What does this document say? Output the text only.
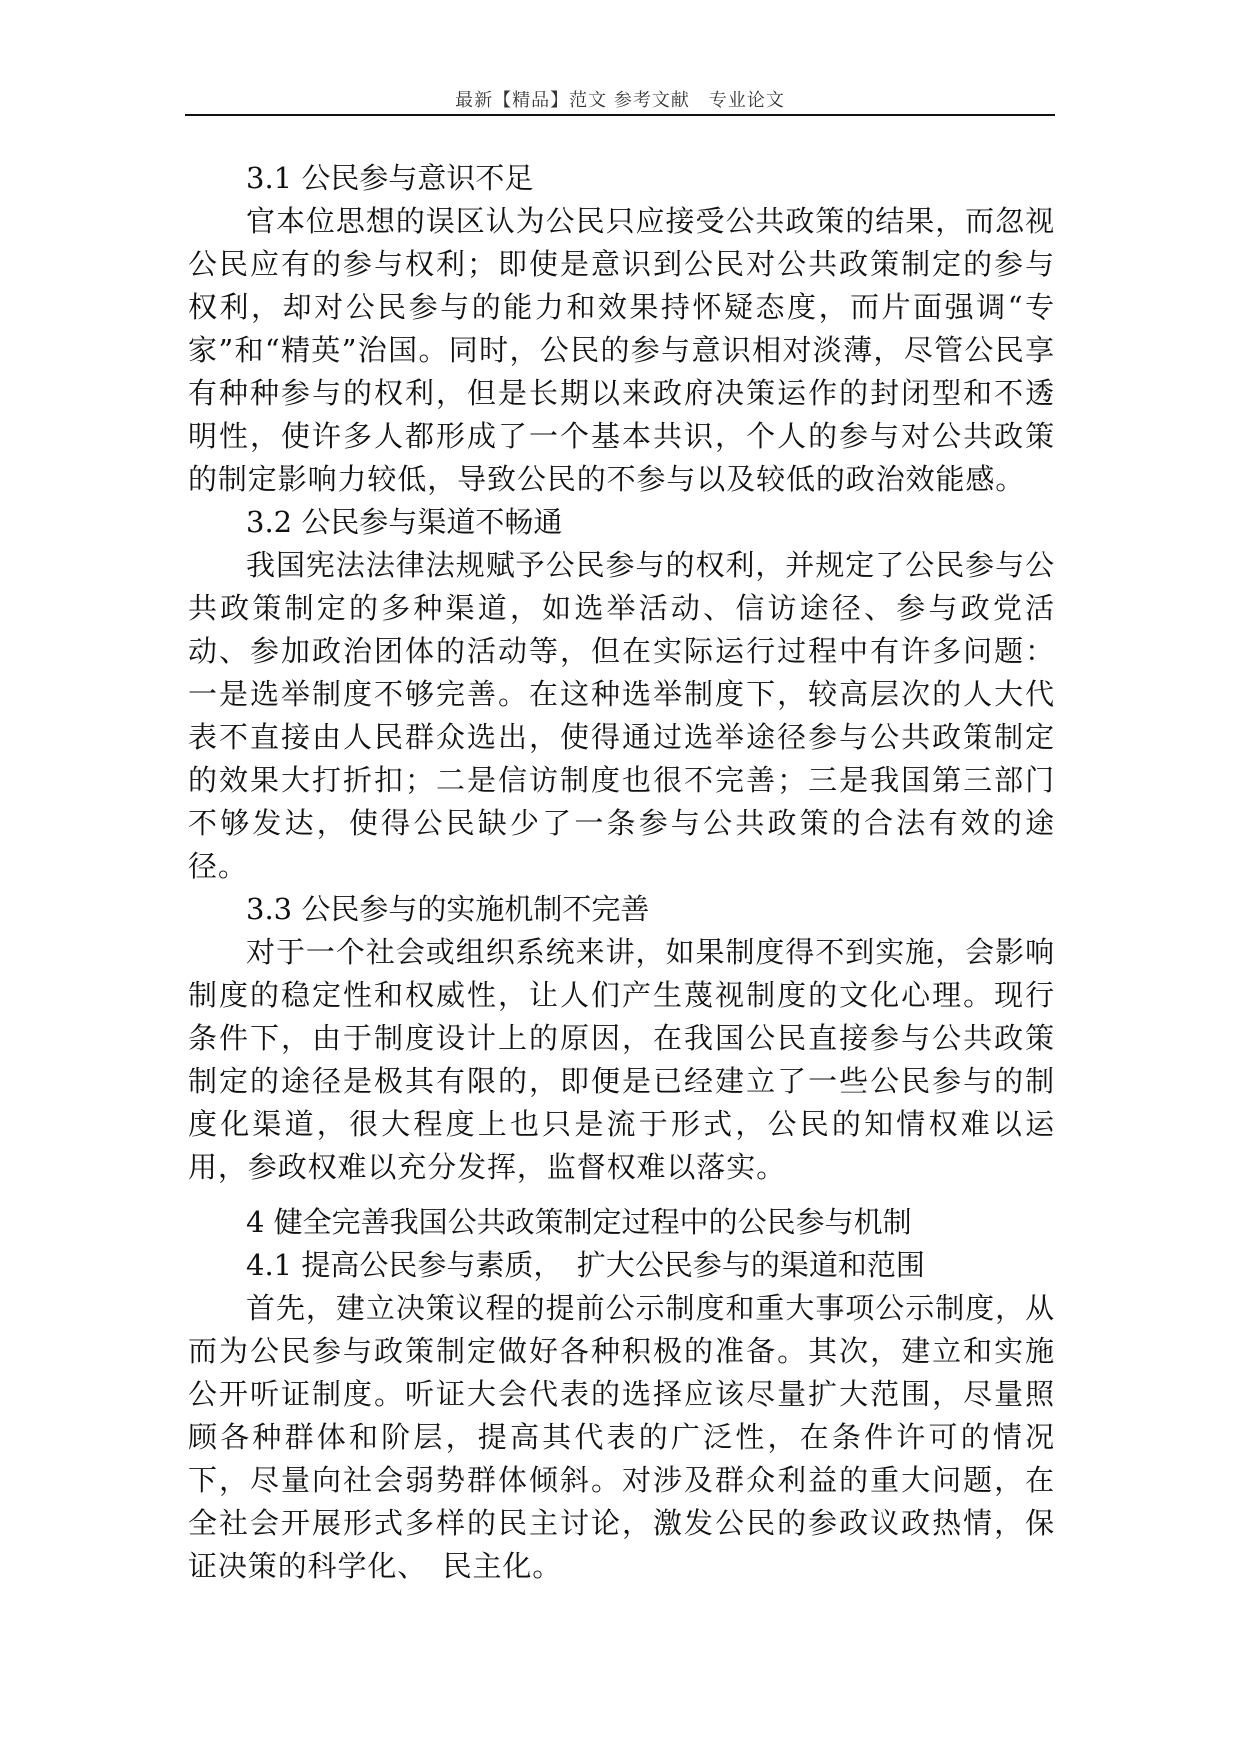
最新【精品】范文 参考文献　专业论文

3.1 公民参与意识不足

官本位思想的误区认为公民只应接受公共政策的结果，而忽视公民应有的参与权利；即使是意识到公民对公共政策制定的参与权利，却对公民参与的能力和效果持怀疑态度，而片面强调“专家”和“精英”治国。同时，公民的参与意识相对淡薄，尽管公民享有种种参与的权利，但是长期以来政府决策运作的封闭型和不透明性，使许多人都形成了一个基本共识，个人的参与对公共政策的制定影响力较低，导致公民的不参与以及较低的政治效能感。

3.2 公民参与渠道不畅通

我国宪法法律法规赋予公民参与的权利，并规定了公民参与公共政策制定的多种渠道，如选举活动、信访途径、参与政党活动、参加政治团体的活动等，但在实际运行过程中有许多问题：一是选举制度不够完善。在这种选举制度下，较高层次的人大代表不直接由人民群众选出，使得通过选举途径参与公共政策制定的效果大打折扣；二是信访制度也很不完善；三是我国第三部门不够发达，使得公民缺少了一条参与公共政策的合法有效的途径。

3.3 公民参与的实施机制不完善

对于一个社会或组织系统来讲，如果制度得不到实施，会影响制度的稳定性和权威性，让人们产生蔑视制度的文化心理。现行条件下，由于制度设计上的原因，在我国公民直接参与公共政策制定的途径是极其有限的，即便是已经建立了一些公民参与的制度化渠道，很大程度上也只是流于形式，公民的知情权难以运用，参政权难以充分发挥，监督权难以落实。

4 健全完善我国公共政策制定过程中的公民参与机制

4.1 提高公民参与素质，　扩大公民参与的渠道和范围

首先，建立决策议程的提前公示制度和重大事项公示制度，从而为公民参与政策制定做好各种积极的准备。其次，建立和实施公开听证制度。听证大会代表的选择应该尽量扩大范围，尽量照顾各种群体和阶层，提高其代表的广泛性，在条件许可的情况下，尽量向社会弱势群体倾斜。对涉及群众利益的重大问题，在全社会开展形式多样的民主讨论，激发公民的参政议政热情，保证决策的科学化、　民主化。
